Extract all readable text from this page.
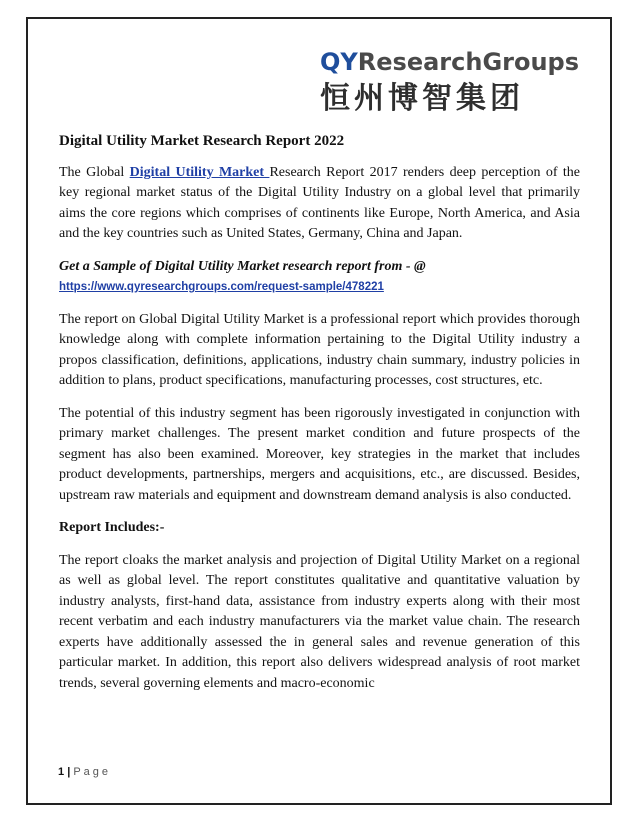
QYResearchGroups
恒州博智集团
Digital Utility Market Research Report 2022

The Global Digital Utility Market Research Report 2017 renders deep perception of the key regional market status of the Digital Utility Industry on a global level that primarily aims the core regions which comprises of continents like Europe, North America, and Asia and the key countries such as United States, Germany, China and Japan.

Get a Sample of Digital Utility Market research report from - @
https://www.qyresearchgroups.com/request-sample/478221

The report on Global Digital Utility Market is a professional report which provides thorough knowledge along with complete information pertaining to the Digital Utility industry a propos classification, definitions, applications, industry chain summary, industry policies in addition to plans, product specifications, manufacturing processes, cost structures, etc.

The potential of this industry segment has been rigorously investigated in conjunction with primary market challenges. The present market condition and future prospects of the segment has also been examined. Moreover, key strategies in the market that includes product developments, partnerships, mergers and acquisitions, etc., are discussed. Besides, upstream raw materials and equipment and downstream demand analysis is also conducted.

Report Includes:-

The report cloaks the market analysis and projection of Digital Utility Market on a regional as well as global level. The report constitutes qualitative and quantitative valuation by industry analysts, first-hand data, assistance from industry experts along with their most recent verbatim and each industry manufacturers via the market value chain. The research experts have additionally assessed the in general sales and revenue generation of this particular market. In addition, this report also delivers widespread analysis of root market trends, several governing elements and macro-economic

1 | Page
